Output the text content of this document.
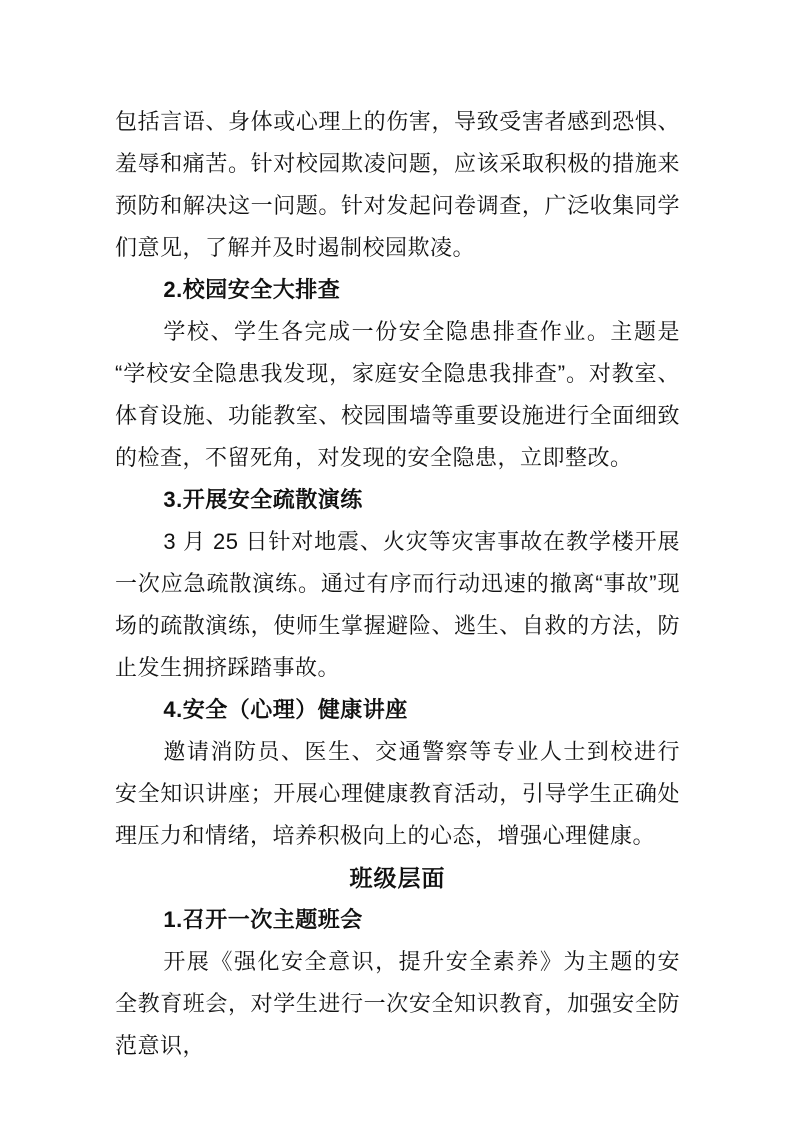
包括言语、身体或心理上的伤害，导致受害者感到恐惧、羞辱和痛苦。针对校园欺凌问题，应该采取积极的措施来预防和解决这一问题。针对发起问卷调查，广泛收集同学们意见，了解并及时遏制校园欺凌。

2.校园安全大排查

学校、学生各完成一份安全隐患排查作业。主题是“学校安全隐患我发现，家庭安全隐患我排查”。对教室、体育设施、功能教室、校园围墙等重要设施进行全面细致的检查，不留死角，对发现的安全隐患，立即整改。

3.开展安全疏散演练

3 月 25 日针对地震、火灾等灾害事故在教学楼开展一次应急疏散演练。通过有序而行动迅速的撤离“事故”现场的疏散演练，使师生掌握避险、逃生、自救的方法，防止发生拥挤踩踏事故。

4.安全（心理）健康讲座

邀请消防员、医生、交通警察等专业人士到校进行安全知识讲座；开展心理健康教育活动，引导学生正确处理压力和情绪，培养积极向上的心态，增强心理健康。

班级层面
1.召开一次主题班会

开展《强化安全意识，提升安全素养》为主题的安全教育班会，对学生进行一次安全知识教育，加强安全防范意识，
